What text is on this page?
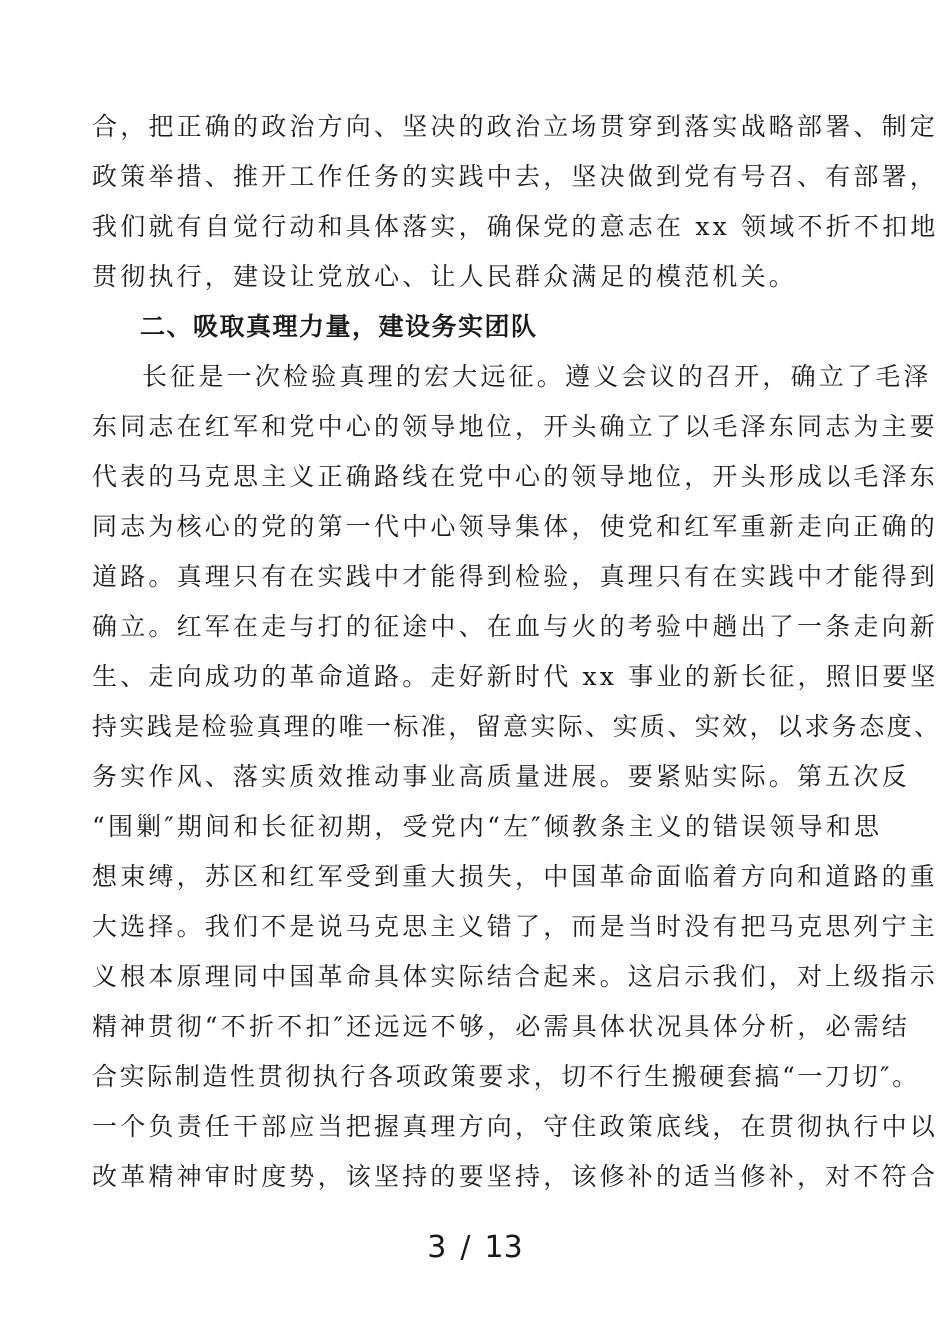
合，把正确的政治方向、坚决的政治立场贯穿到落实战略部署、制定
政策举措、推开工作任务的实践中去，坚决做到党有号召、有部署，
我们就有自觉行动和具体落实，确保党的意志在 xx 领域不折不扣地
贯彻执行，建设让党放心、让人民群众满足的模范机关。
二、吸取真理力量，建设务实团队
长征是一次检验真理的宏大远征。遵义会议的召开，确立了毛泽
东同志在红军和党中心的领导地位，开头确立了以毛泽东同志为主要
代表的马克思主义正确路线在党中心的领导地位，开头形成以毛泽东
同志为核心的党的第一代中心领导集体，使党和红军重新走向正确的
道路。真理只有在实践中才能得到检验，真理只有在实践中才能得到
确立。红军在走与打的征途中、在血与火的考验中趟出了一条走向新
生、走向成功的革命道路。走好新时代 xx 事业的新长征，照旧要坚
持实践是检验真理的唯一标准，留意实际、实质、实效，以求务态度、
务实作风、落实质效推动事业高质量进展。要紧贴实际。第五次反
“围剿″期间和长征初期，受党内“左″倾教条主义的错误领导和思
想束缚，苏区和红军受到重大损失，中国革命面临着方向和道路的重
大选择。我们不是说马克思主义错了，而是当时没有把马克思列宁主
义根本原理同中国革命具体实际结合起来。这启示我们，对上级指示
精神贯彻“不折不扣″还远远不够，必需具体状况具体分析，必需结
合实际制造性贯彻执行各项政策要求，切不行生搬硬套搞“一刀切″。
一个负责任干部应当把握真理方向，守住政策底线，在贯彻执行中以
改革精神审时度势，该坚持的要坚持，该修补的适当修补，对不符合
3 / 13
